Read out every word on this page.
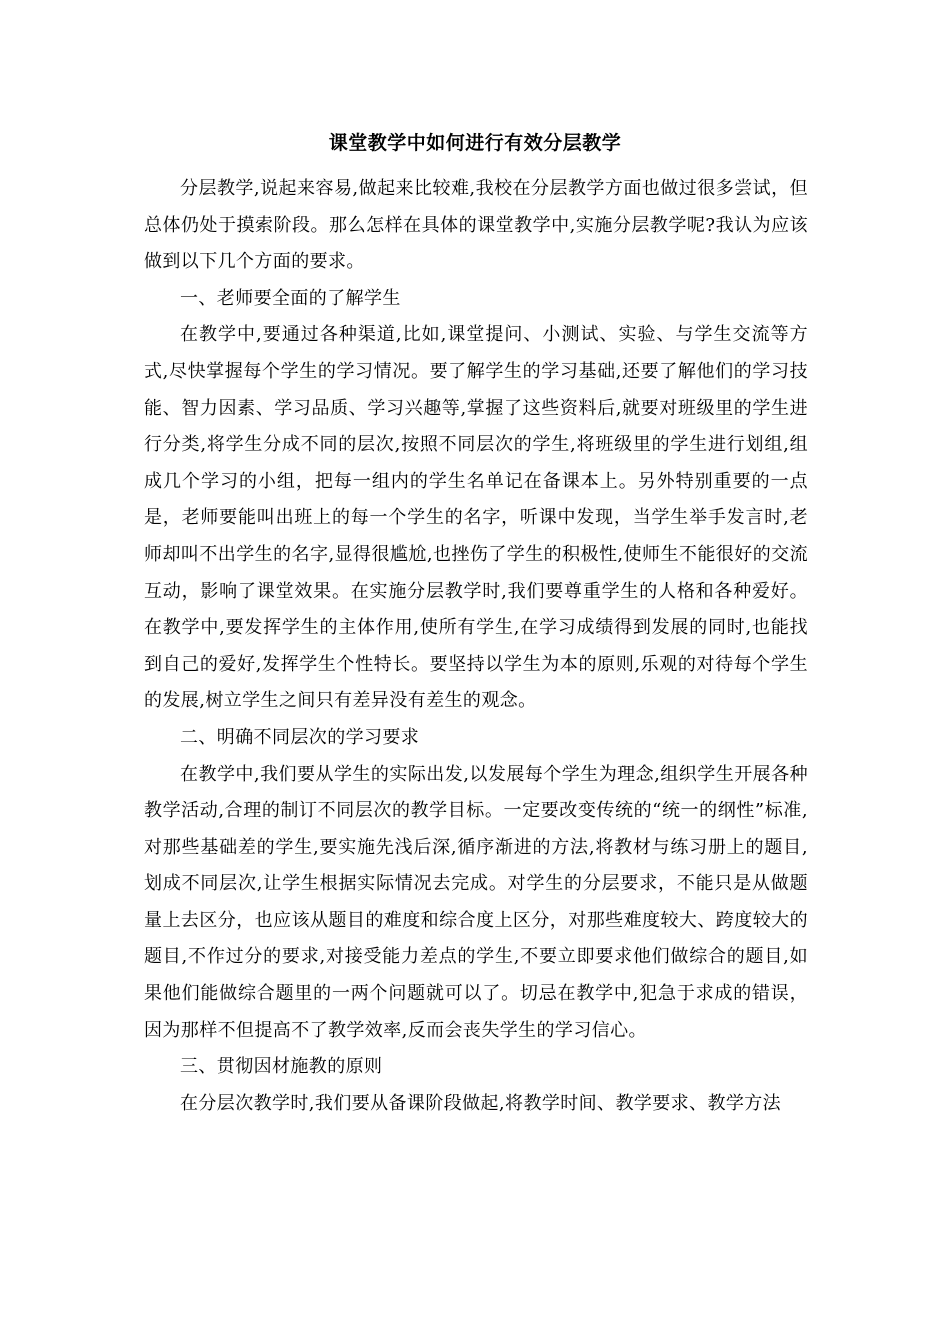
课堂教学中如何进行有效分层教学

分层教学,说起来容易,做起来比较难,我校在分层教学方面也做过很多尝试，但总体仍处于摸索阶段。那么怎样在具体的课堂教学中,实施分层教学呢?我认为应该做到以下几个方面的要求。

一、老师要全面的了解学生

在教学中,要通过各种渠道,比如,课堂提问、小测试、实验、与学生交流等方式,尽快掌握每个学生的学习情况。要了解学生的学习基础,还要了解他们的学习技能、智力因素、学习品质、学习兴趣等,掌握了这些资料后,就要对班级里的学生进行分类,将学生分成不同的层次,按照不同层次的学生,将班级里的学生进行划组,组成几个学习的小组，把每一组内的学生名单记在备课本上。另外特别重要的一点是，老师要能叫出班上的每一个学生的名字，听课中发现，当学生举手发言时,老师却叫不出学生的名字,显得很尴尬,也挫伤了学生的积极性,使师生不能很好的交流互动，影响了课堂效果。在实施分层教学时,我们要尊重学生的人格和各种爱好。在教学中,要发挥学生的主体作用,使所有学生,在学习成绩得到发展的同时,也能找到自己的爱好,发挥学生个性特长。要坚持以学生为本的原则,乐观的对待每个学生的发展,树立学生之间只有差异没有差生的观念。

二、明确不同层次的学习要求

在教学中,我们要从学生的实际出发,以发展每个学生为理念,组织学生开展各种教学活动,合理的制订不同层次的教学目标。一定要改变传统的“统一的纲性”标准,对那些基础差的学生,要实施先浅后深,循序渐进的方法,将教材与练习册上的题目,划成不同层次,让学生根据实际情况去完成。对学生的分层要求，不能只是从做题量上去区分，也应该从题目的难度和综合度上区分，对那些难度较大、跨度较大的题目,不作过分的要求,对接受能力差点的学生,不要立即要求他们做综合的题目,如果他们能做综合题里的一两个问题就可以了。切忌在教学中,犯急于求成的错误，因为那样不但提高不了教学效率,反而会丧失学生的学习信心。

三、贯彻因材施教的原则

在分层次教学时,我们要从备课阶段做起,将教学时间、教学要求、教学方法
